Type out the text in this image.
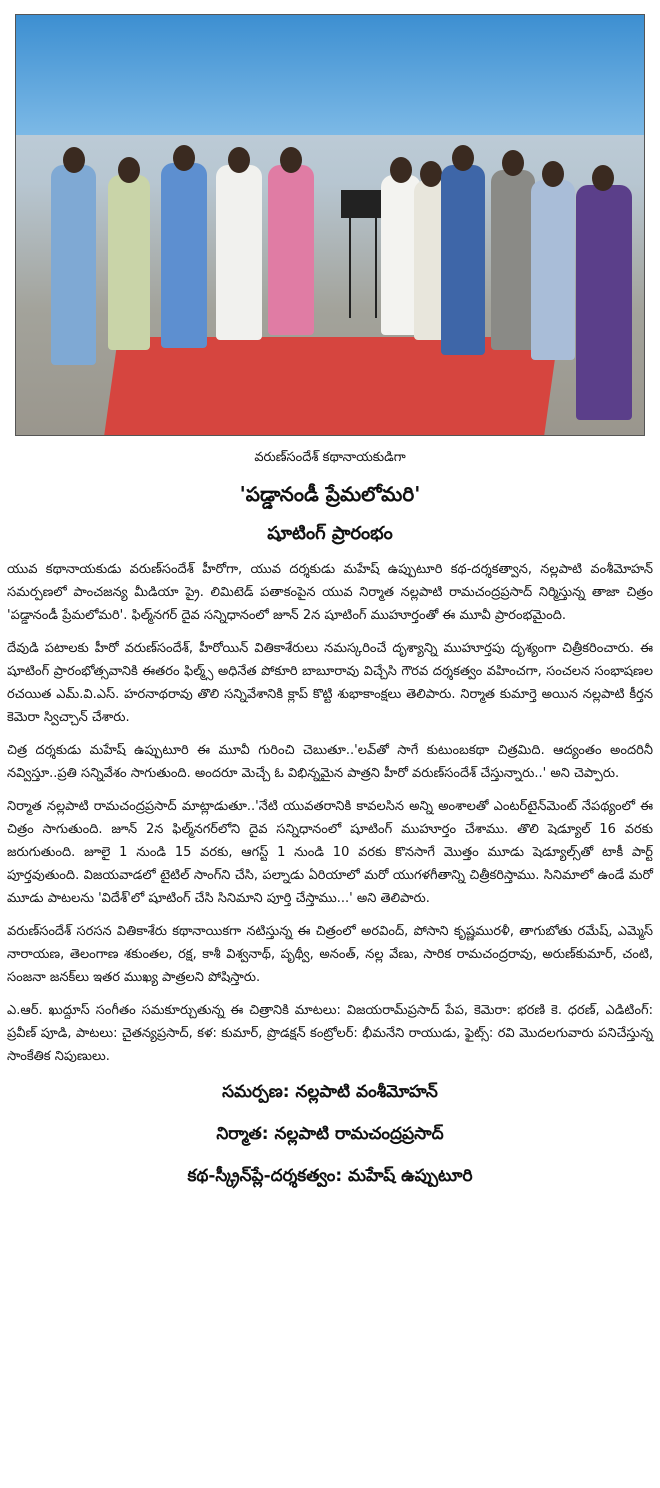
వరుణ్‌సందేశ్ కథానాయకుడిగా

'పడ్డానండీ ప్రేమలోమరి'

షూటింగ్ ప్రారంభం

యువ కథానాయకుడు వరుణ్‌సందేశ్ హీరోగా, యువ దర్శకుడు మహేష్ ఉప్పుటూరి కథ-దర్శకత్వాన, నల్లపాటి వంశీమోహన్ సమర్పణలో పాంచజన్య మీడియా ప్రై. లిమిటెడ్ పతాకంపైన యువ నిర్మాత నల్లపాటి రామచంద్రప్రసాద్ నిర్మిస్తున్న తాజా చిత్రం 'పడ్డానండీ ప్రేమలోమరి'. ఫిల్మ్‌నగర్ దైవ సన్నిధానంలో జూన్ 2న షూటింగ్ ముహూర్తంతో ఈ మూవీ ప్రారంభమైంది.

దేవుడి పటాలకు హీరో వరుణ్‌సందేశ్, హీరోయిన్ వితికాశేరులు నమస్కరించే దృశ్యాన్ని ముహూర్తపు దృశ్యంగా చిత్రీకరించారు. ఈ షూటింగ్ ప్రారంభోత్సవానికి ఈతరం ఫిల్మ్స్ అధినేత పోకూరి బాబూరావు విచ్చేసి గౌరవ దర్శకత్వం వహించగా, సంచలన సంభాషణల రచయిత ఎమ్.వి.ఎస్. హరనాథరావు తొలి సన్నివేశానికి క్లాప్ కొట్టి శుభాకాంక్షలు తెలిపారు. నిర్మాత కుమార్తె అయిన నల్లపాటి కీర్తన కెమెరా స్విచ్చాన్ చేశారు.

చిత్ర దర్శకుడు మహేష్ ఉప్పుటూరి ఈ మూవీ గురించి చెబుతూ..'లవ్‌తో సాగే కుటుంబకథా చిత్రమిది. ఆద్యంతం అందరినీ నవ్విస్తూ..ప్రతి సన్నివేశం సాగుతుంది. అందరూ మెచ్చే ఓ విభిన్నమైన పాత్రని హీరో వరుణ్‌సందేశ్ చేస్తున్నారు..' అని చెప్పారు.

నిర్మాత నల్లపాటి రామచంద్రప్రసాద్ మాట్లాడుతూ..'నేటి యువతరానికి కావలసిన అన్ని అంశాలతో ఎంటర్‌టైన్‌మెంట్ నేపథ్యంలో ఈ చిత్రం సాగుతుంది. జూన్ 2న ఫిల్మ్‌నగర్‌లోని దైవ సన్నిధానంలో షూటింగ్ ముహూర్తం చేశాము. తొలి షెడ్యూల్ 16 వరకు జరుగుతుంది. జూలై 1 నుండి 15 వరకు, ఆగస్ట్ 1 నుండి 10 వరకు కొనసాగే మొత్తం మూడు షెడ్యూల్స్‌తో టాకీ పార్ట్ పూర్తవుతుంది. విజయవాడలో టైటిల్ సాంగ్‌ని చేసి, పల్నాడు ఏరియాలో మరో యుగళగీతాన్ని చిత్రీకరిస్తాము. సినిమాలో ఉండే మరో మూడు పాటలను 'విదేశ్‌'లో షూటింగ్ చేసి సినిమాని పూర్తి చేస్తాము...' అని తెలిపారు.

వరుణ్‌సందేశ్ సరసన వితికాశేరు కథానాయికగా నటిస్తున్న ఈ చిత్రంలో అరవింద్, పోసాని కృష్ణమురళీ, తాగుబోతు రమేష్, ఎమ్మెస్ నారాయణ, తెలంగాణ శకుంతల, రక్ష, కాశీ విశ్వనాథ్, పృథ్వీ, అనంత్, నల్ల వేణు, సారిక రామచంద్రరావు, అరుణ్‌కుమార్, చంటి, సంజనా జనక్‌లు ఇతర ముఖ్య పాత్రలని పోషిస్తారు.

ఎ.ఆర్. ఖుద్దూస్ సంగీతం సమకూర్చుతున్న ఈ చిత్రానికి మాటలు: విజయరామ్‌ప్రసాద్ పేప, కెమెరా: భరణి కె. ధరణ్, ఎడిటింగ్: ప్రవీణ్ పూడి, పాటలు: చైతన్యప్రసాద్, కళ: కుమార్, ప్రొడక్షన్ కంట్రోలర్: భీమనేని రాయుడు, ఫైట్స్: రవి మొదలగువారు పనిచేస్తున్న సాంకేతిక నిపుణులు.

సమర్పణ: నల్లపాటి వంశీమోహన్

నిర్మాత: నల్లపాటి రామచంద్రప్రసాద్

కథ-స్క్రీన్‌ప్లే-దర్శకత్వం: మహేష్ ఉప్పుటూరి
